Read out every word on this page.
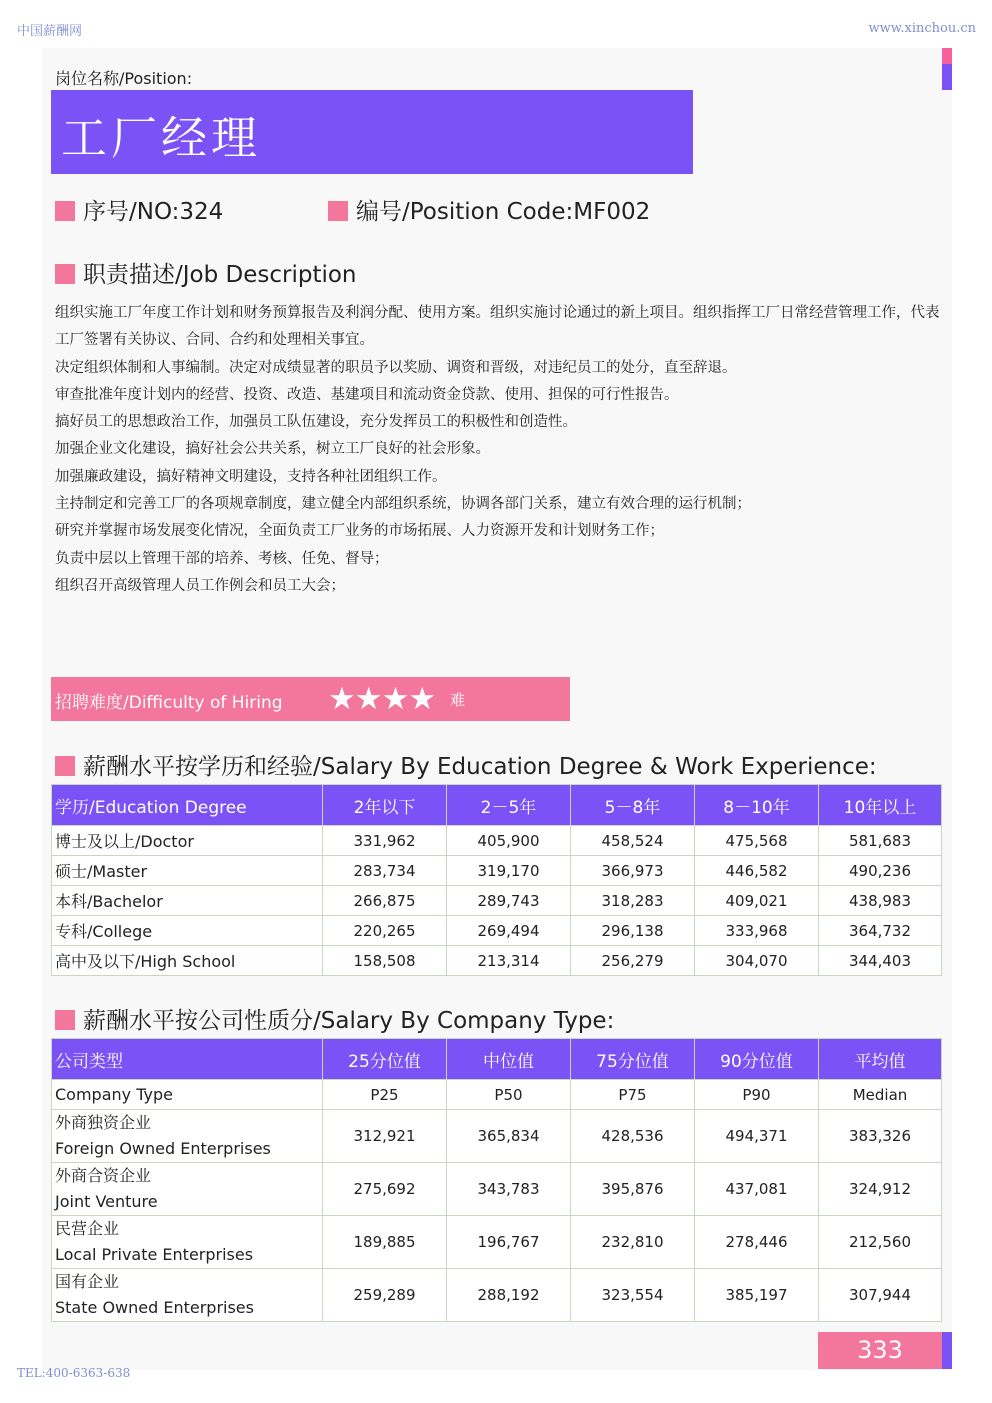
中国薪酬网	www.xinchou.cn
岗位名称/Position:
工厂经理
序号/NO:324	编号/Position Code:MF002
职责描述/Job Description
组织实施工厂年度工作计划和财务预算报告及利润分配、使用方案。组织实施讨论通过的新上项目。组织指挥工厂日常经营管理工作，代表工厂签署有关协议、合同、合约和处理相关事宜。
决定组织体制和人事编制。决定对成绩显著的职员予以奖励、调资和晋级，对违纪员工的处分，直至辞退。
审查批准年度计划内的经营、投资、改造、基建项目和流动资金贷款、使用、担保的可行性报告。
搞好员工的思想政治工作，加强员工队伍建设，充分发挥员工的积极性和创造性。
加强企业文化建设，搞好社会公共关系，树立工厂良好的社会形象。
加强廉政建设，搞好精神文明建设，支持各种社团组织工作。
主持制定和完善工厂的各项规章制度，建立健全内部组织系统，协调各部门关系，建立有效合理的运行机制；
研究并掌握市场发展变化情况，全面负责工厂业务的市场拓展、人力资源开发和计划财务工作；
负责中层以上管理干部的培养、考核、任免、督导；
组织召开高级管理人员工作例会和员工大会；
招聘难度/Difficulty of Hiring ★★★★ 难
薪酬水平按学历和经验/Salary By Education Degree & Work Experience:
学历/Education Degree	2年以下	2－5年	5－8年	8－10年	10年以上
博士及以上/Doctor	331,962	405,900	458,524	475,568	581,683
硕士/Master	283,734	319,170	366,973	446,582	490,236
本科/Bachelor	266,875	289,743	318,283	409,021	438,983
专科/College	220,265	269,494	296,138	333,968	364,732
高中及以下/High School	158,508	213,314	256,279	304,070	344,403
薪酬水平按公司性质分/Salary By Company Type:
公司类型	25分位值	中位值	75分位值	90分位值	平均值
Company Type	P25	P50	P75	P90	Median

外商独资企业
Foreign Owned Enterprises	312,921	365,834	428,536	494,371	383,326

外商合资企业
Joint Venture	275,692	343,783	395,876	437,081	324,912

民营企业
Local Private Enterprises	189,885	196,767	232,810	278,446	212,560

国有企业
State Owned Enterprises	259,289	288,192	323,554	385,197	307,944
333
TEL:400-6363-638
